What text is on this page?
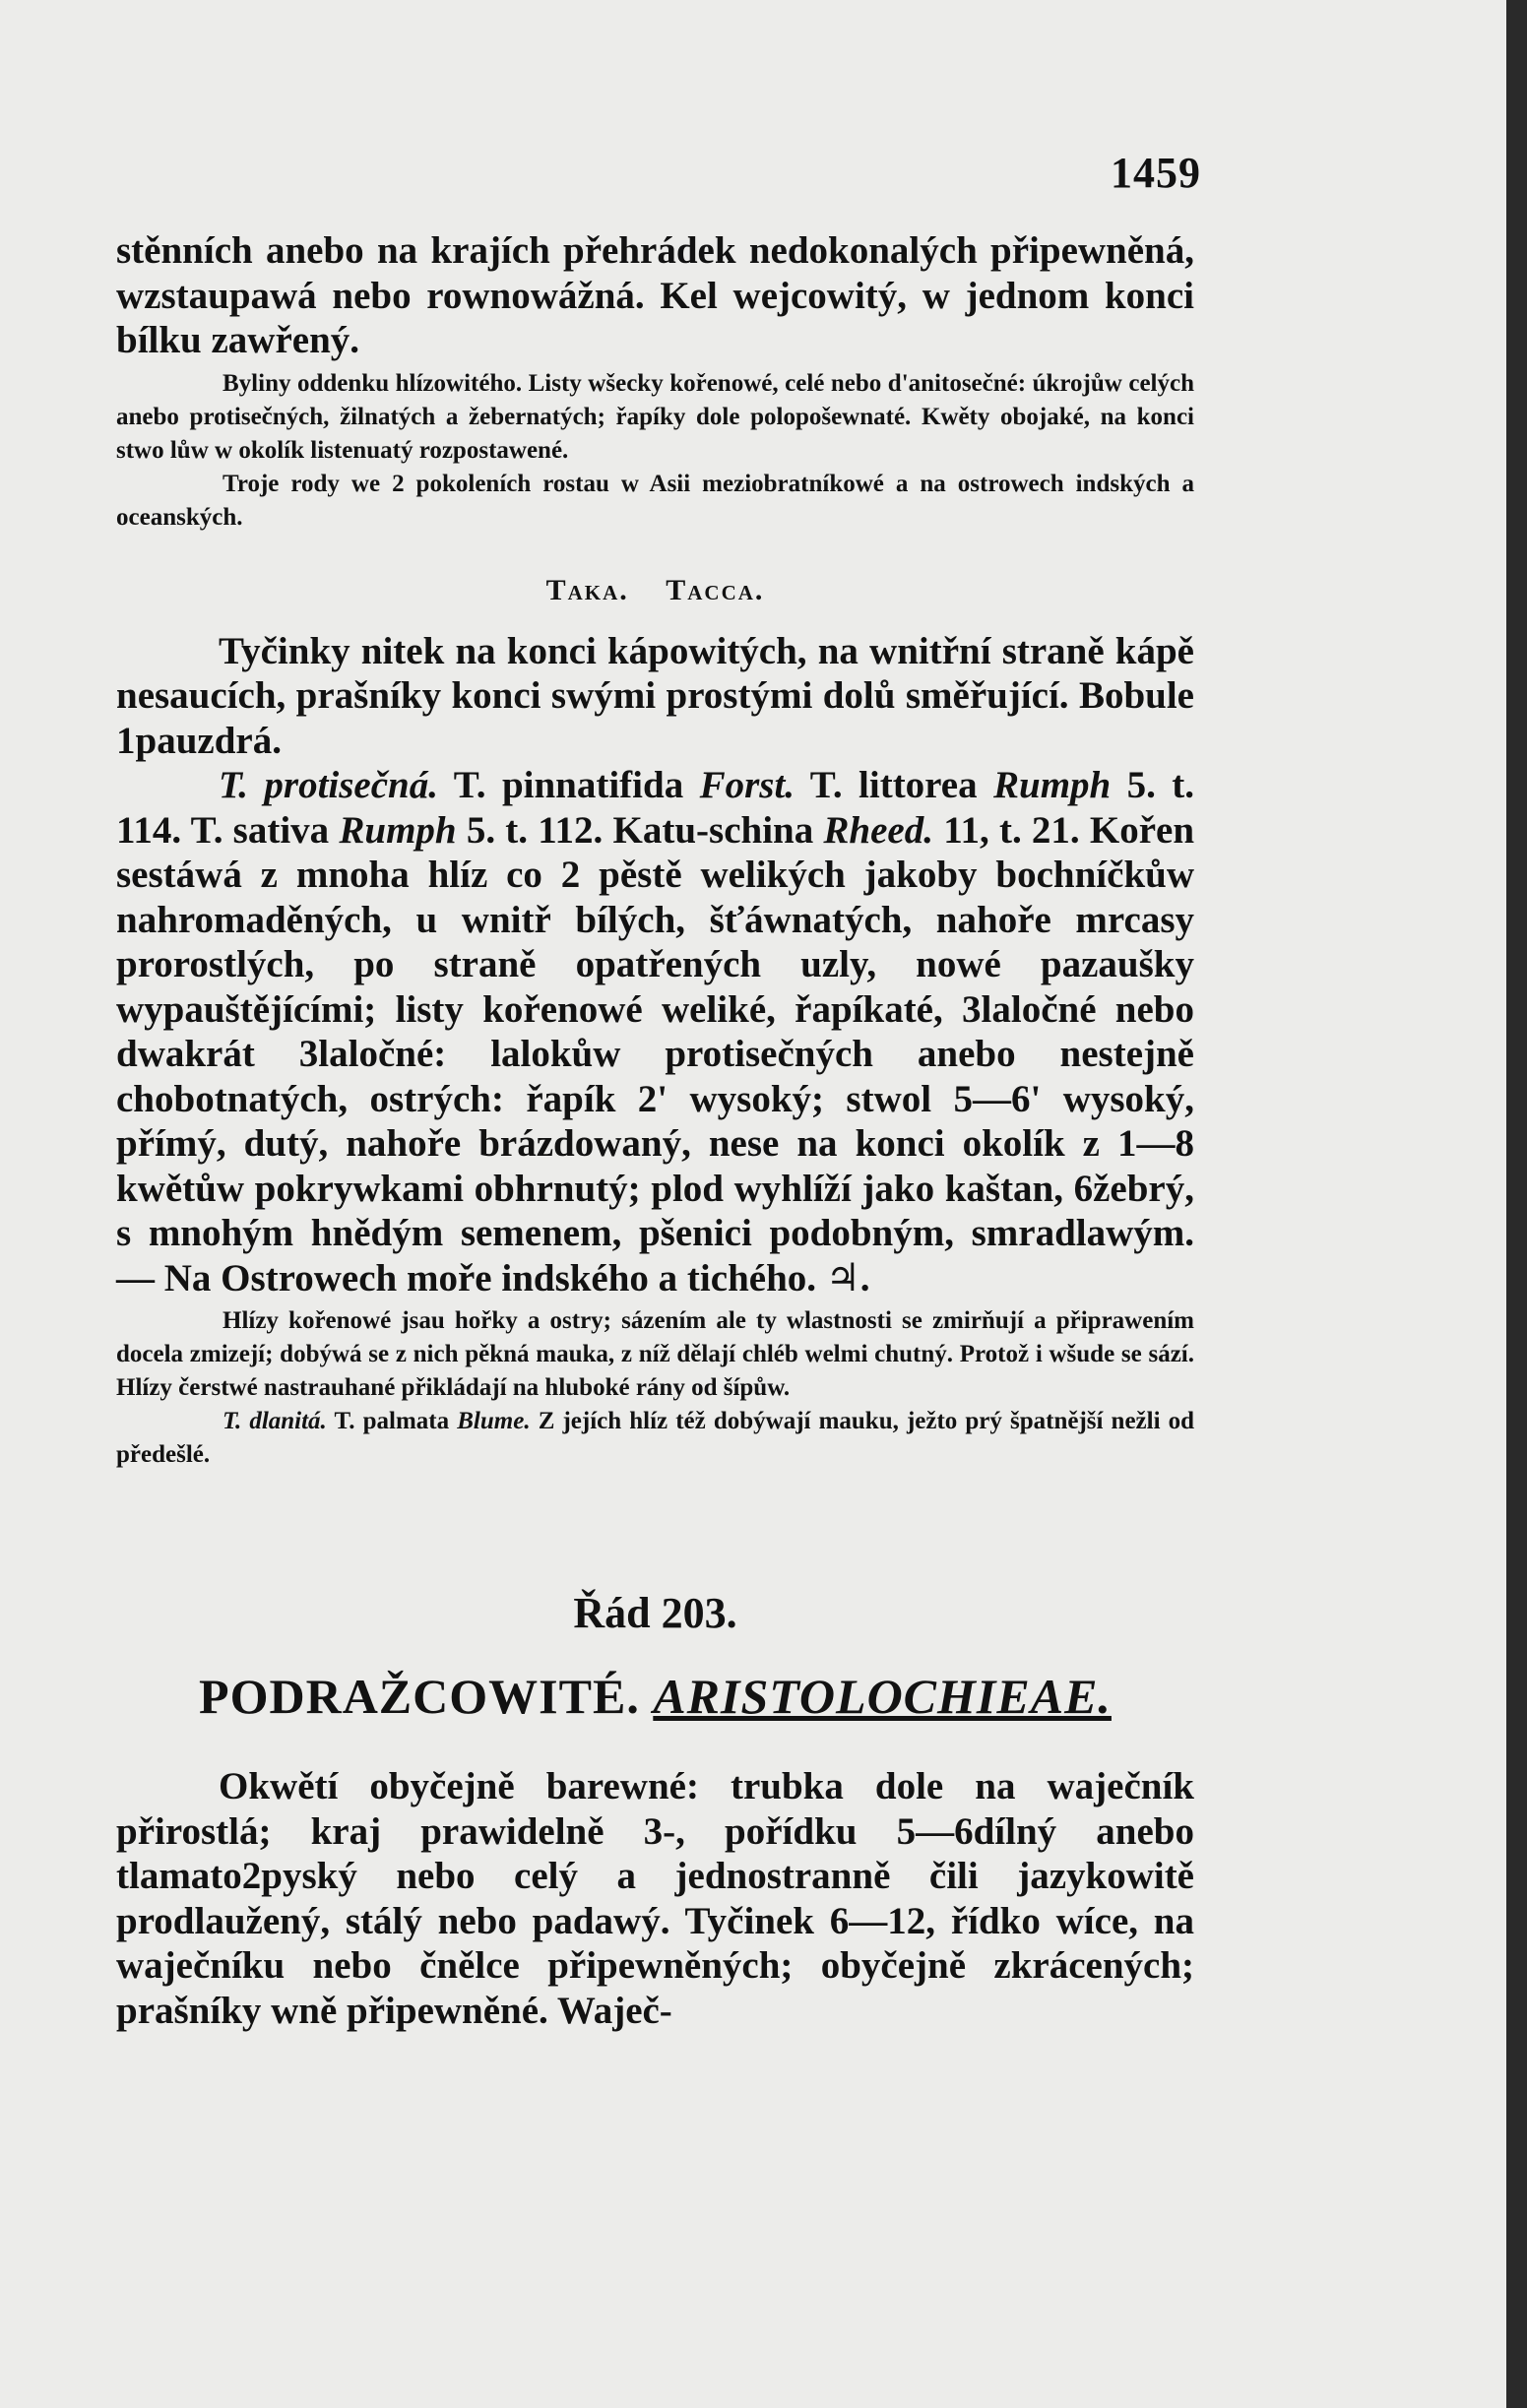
1459

stěnních anebo na krajích přehrádek nedokonalých připewněná, wzstaupawá nebo rownowážná. Kel wejcowitý, w jednom konci bílku zawřený.

Byliny oddenku hlízowitého. Listy wšecky kořenowé, celé nebo d'anitosečné: úkrojůw celých anebo protisečných, žilnatých a žebernatých; řapíky dole polopošewnaté. Kwěty obojaké, na konci stwo lůw w okolík listenuatý rozpostawené.

Troje rody we 2 pokoleních rostau w Asii meziobratníkowé a na ostrowech indských a oceanských.

Taka. Tacca.

Tyčinky nitek na konci kápowitých, na wnitřní straně kápě nesaucích, prašníky konci swými prostými dolů směřující. Bobule 1pauzdrá.

T. protisečná. T. pinnatifida Forst. T. littorea Rumph 5. t. 114. T. sativa Rumph 5. t. 112. Katu-schina Rheed. 11, t. 21. Kořen sestáwá z mnoha hlíz co 2 pěstě welikých jakoby bochníčkůw nahromaděných, u wnitř bílých, šťáwnatých, nahoře mrcasy prorostlých, po straně opatřených uzly, nowé pazaušky wypauštějícími; listy kořenowé weliké, řapíkaté, 3laločné nebo dwakrát 3laločné: lalokůw protisečných anebo nestejně chobotnatých, ostrých: řapík 2' wysoký; stwol 5—6' wysoký, přímý, dutý, nahoře brázdowaný, nese na konci okolík z 1—8 kwětůw pokrywkami obhrnutý; plod wyhlíží jako kaštan, 6žebrý, s mnohým hnědým semenem, pšenici podobným, smradlawým. — Na Ostrowech moře indského a tichého. ♃.

Hlízy kořenowé jsau hořky a ostry; sázením ale ty wlastnosti se zmirňují a připrawením docela zmizejí; dobýwá se z nich pěkná mauka, z níž dělají chléb welmi chutný. Protož i wšude se sází. Hlízy čerstwé nastrauhané přikládají na hluboké rány od šípůw.

T. dlanitá. T. palmata Blume. Z jejích hlíz též dobýwají mauku, ježto prý špatnější nežli od předešlé.

Řád 203.
PODRAŽCOWITÉ. ARISTOLOCHIEAE.

Okwětí obyčejně barewné: trubka dole na waječník přirostlá; kraj prawidelně 3-, pořídku 5—6dílný anebo tlamato2pyský nebo celý a jednostranně čili jazykowitě prodlaužený, stálý nebo padawý. Tyčinek 6—12, řídko wíce, na waječníku nebo čnělce připewněných; obyčejně zkrácených; prašníky wně připewněné. Waječ-
